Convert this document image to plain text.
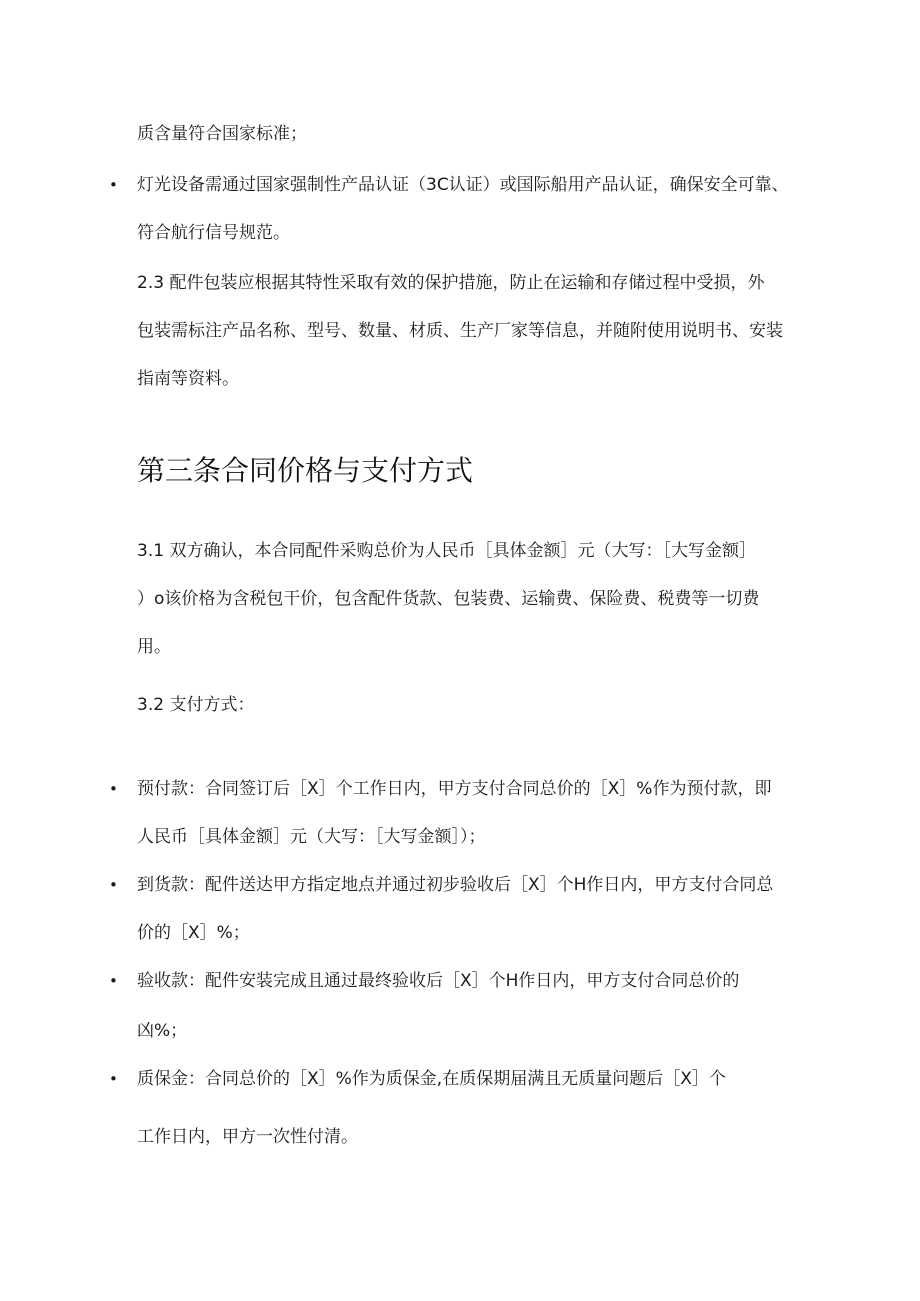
质含量符合国家标准；
• 灯光设备需通过国家强制性产品认证（3C认证）或国际船用产品认证，确保安全可靠、
符合航行信号规范。
2.3 配件包装应根据其特性采取有效的保护措施，防止在运输和存储过程中受损，外
包装需标注产品名称、型号、数量、材质、生产厂家等信息，并随附使用说明书、安装
指南等资料。
第三条合同价格与支付方式
3.1 双方确认，本合同配件采购总价为人民币［具体金额］元（大写：［大写金额］
）o该价格为含税包干价，包含配件货款、包装费、运输费、保险费、税费等一切费
用。
3.2 支付方式：
• 预付款：合同签订后［X］个工作日内，甲方支付合同总价的［X］%作为预付款，即
人民币［具体金额］元（大写：［大写金额］）；
• 到货款：配件送达甲方指定地点并通过初步验收后［X］个H作日内，甲方支付合同总
价的［X］%；
• 验收款：配件安装完成且通过最终验收后［X］个H作日内，甲方支付合同总价的
凶%；
• 质保金：合同总价的［X］%作为质保金,在质保期届满且无质量问题后［X］个
工作日内，甲方一次性付清。
